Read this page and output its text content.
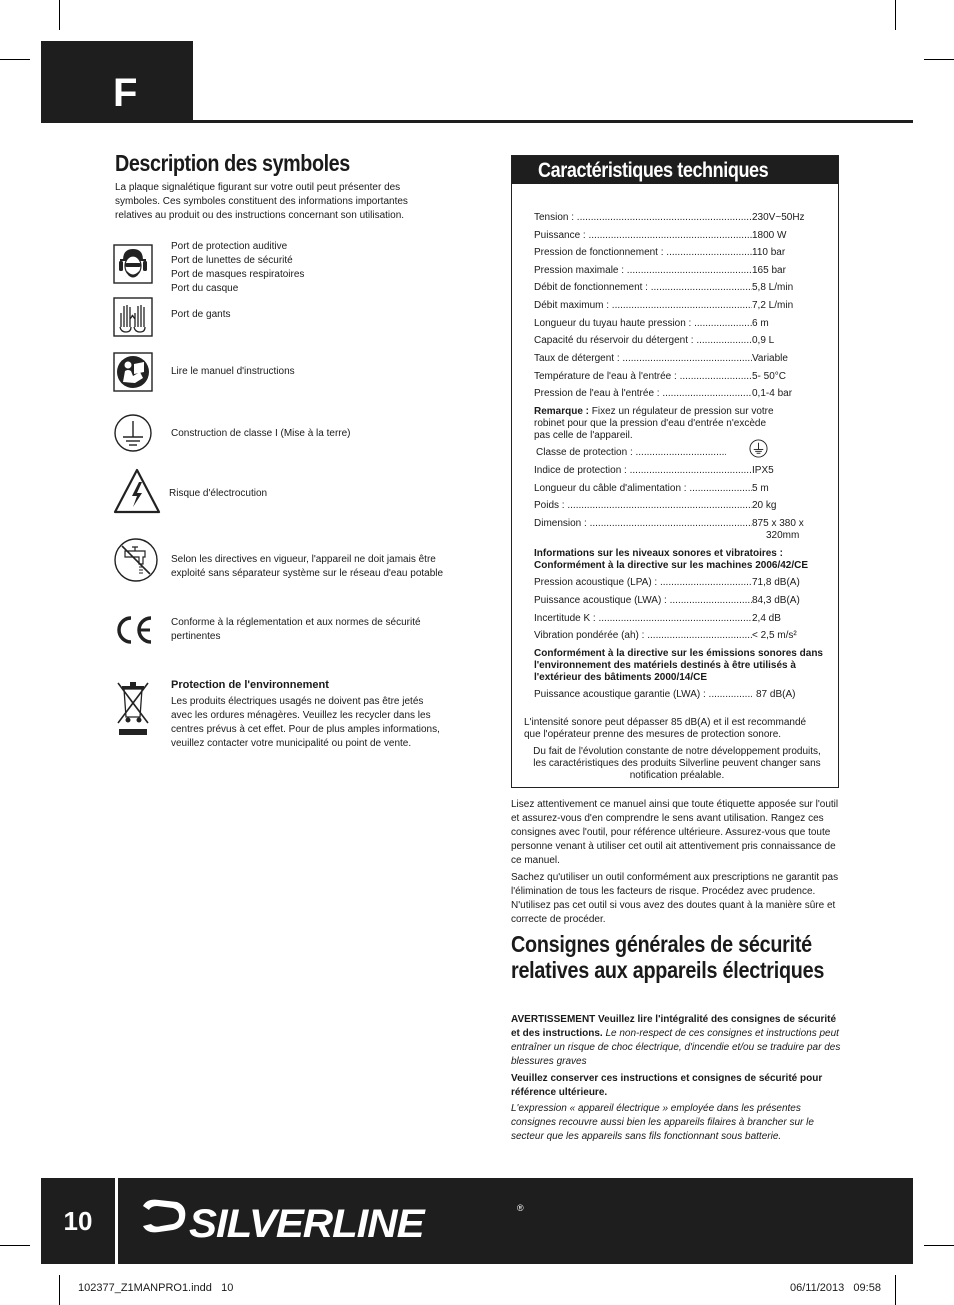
F
Description des symboles
La plaque signalétique figurant sur votre outil peut présenter des symboles. Ces symboles constituent des informations importantes relatives au produit ou des instructions concernant son utilisation.
Port de protection auditive
Port de lunettes de sécurité
Port de masques respiratoires
Port du casque
Port de gants
Lire le manuel d'instructions
Construction de classe I (Mise à la terre)
Risque d'électrocution
Selon les directives en vigueur, l'appareil ne doit jamais être exploité sans séparateur système sur le réseau d'eau potable
Conforme à la réglementation et aux normes de sécurité pertinentes
Protection de l'environnement
Les produits électriques usagés ne doivent pas être jetés avec les ordures ménagères. Veuillez les recycler dans les centres prévus à cet effet. Pour de plus amples informations, veuillez contacter votre municipalité ou point de vente.
Caractéristiques techniques
Tension : .....	230V~50Hz
Puissance : .....	1800 W
Pression de fonctionnement : .....	110 bar
Pression maximale : .....	165 bar
Débit de fonctionnement : .....	5,8 L/min
Débit maximum : .....	7,2 L/min
Longueur du tuyau haute pression : .....	6 m
Capacité du réservoir du détergent : .....	0,9 L
Taux de détergent : .....	Variable
Température de l'eau à l'entrée : .....	5- 50°C
Pression de l'eau à l'entrée : .....	0,1-4 bar
Remarque : Fixez un régulateur de pression sur votre robinet pour que la pression d'eau d'entrée n'excède pas celle de l'appareil.
Classe de protection : .....
Indice de protection : .....	IPX5
Longueur du câble d'alimentation : .....	5 m
Poids : .....	20 kg
Dimension : .....	875 x 380 x
320mm
Informations sur les niveaux sonores et vibratoires : Conformément à la directive sur les machines 2006/42/CE
Pression acoustique (LPA) : .....	71,8 dB(A)
Puissance acoustique (LWA) : .....	84,3 dB(A)
Incertitude K : .....	2,4 dB
Vibration pondérée (ah) : .....	< 2,5 m/s²
Conformément à la directive sur les émissions sonores dans l'environnement des matériels destinés à être utilisés à l'extérieur des bâtiments 2000/14/CE
Puissance acoustique garantie (LWA) : .....	87 dB(A)
L'intensité sonore peut dépasser 85 dB(A) et il est recommandé que l'opérateur prenne des mesures de protection sonore.
Du fait de l'évolution constante de notre développement produits, les caractéristiques des produits Silverline peuvent changer sans notification préalable.
Lisez attentivement ce manuel ainsi que toute étiquette apposée sur l'outil et assurez-vous d'en comprendre le sens avant utilisation. Rangez ces consignes avec l'outil, pour référence ultérieure. Assurez-vous que toute personne venant à utiliser cet outil ait attentivement pris connaissance de ce manuel.
Sachez qu'utiliser un outil conformément aux prescriptions ne garantit pas l'élimination de tous les facteurs de risque. Procédez avec prudence. N'utilisez pas cet outil si vous avez des doutes quant à la manière sûre et correcte de procéder.
Consignes générales de sécurité relatives aux appareils électriques
AVERTISSEMENT Veuillez lire l'intégralité des consignes de sécurité et des instructions. Le non-respect de ces consignes et instructions peut entraîner un risque de choc électrique, d'incendie et/ou se traduire par des blessures graves
Veuillez conserver ces instructions et consignes de sécurité pour référence ultérieure.
L'expression « appareil électrique » employée dans les présentes consignes recouvre aussi bien les appareils filaires à brancher sur le secteur que les appareils sans fils fonctionnant sous batterie.
10	SILVERLINE	®
102377_Z1MANPRO1.indd   10	06/11/2013   09:58
